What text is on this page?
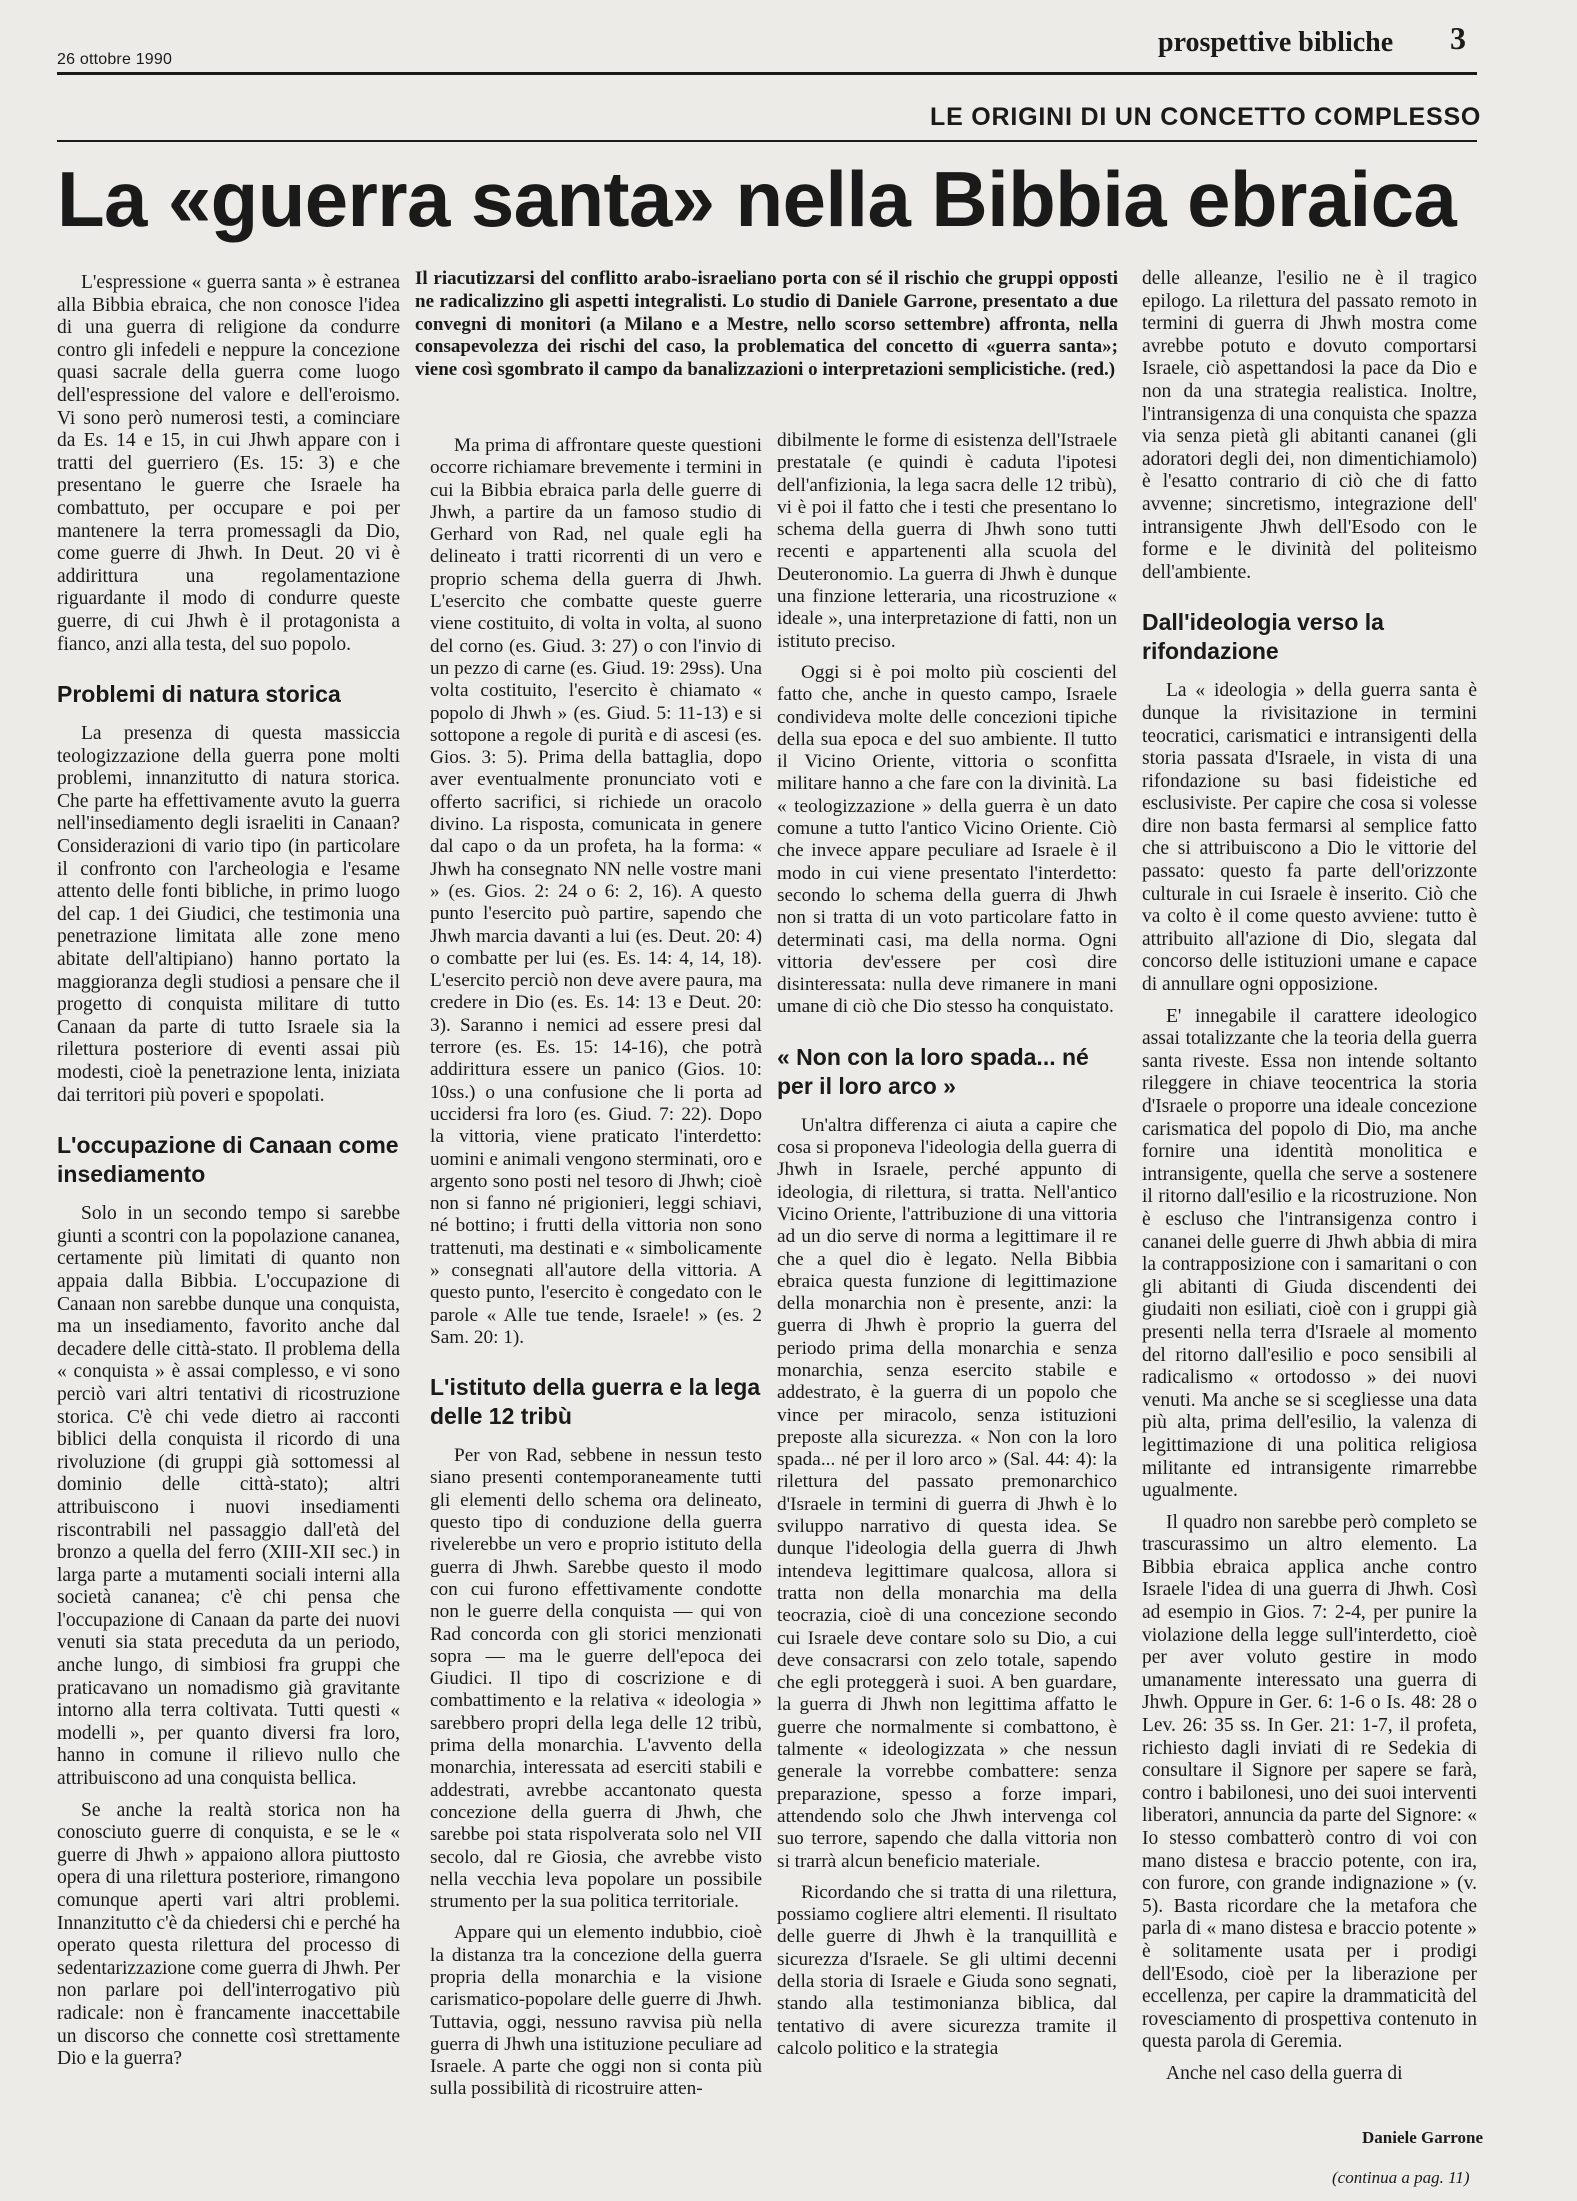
26 ottobre 1990
prospettive bibliche 3
LE ORIGINI DI UN CONCETTO COMPLESSO
La «guerra santa» nella Bibbia ebraica
Il riacutizzarsi del conflitto arabo-israeliano porta con sé il rischio che gruppi opposti ne radicalizzino gli aspetti integralisti. Lo studio di Daniele Garrone, presentato a due convegni di monitori (a Milano e a Mestre, nello scorso settembre) affronta, nella consapevolezza dei rischi del caso, la problematica del concetto di «guerra santa»; viene così sgombrato il campo da banalizzazioni o interpretazioni semplicistiche. (red.)

L'espressione « guerra santa » è estranea alla Bibbia ebraica, che non conosce l'idea di una guerra di religione da condurre contro gli infedeli e neppure la concezione quasi sacrale della guerra come luogo dell'espressione del valore e dell'eroismo. Vi sono però numerosi testi, a cominciare da Es. 14 e 15, in cui Jhwh appare con i tratti del guerriero (Es. 15: 3) e che presentano le guerre che Israele ha combattuto, per occupare e poi per mantenere la terra promessagli da Dio, come guerre di Jhwh. In Deut. 20 vi è addirittura una regolamentazione riguardante il modo di condurre queste guerre, di cui Jhwh è il protagonista a fianco, anzi alla testa, del suo popolo.

Problemi di natura storica

La presenza di questa massiccia teologizzazione della guerra pone molti problemi, innanzitutto di natura storica. Che parte ha effettivamente avuto la guerra nell'insediamento degli israeliti in Canaan? Considerazioni di vario tipo (in particolare il confronto con l'archeologia e l'esame attento delle fonti bibliche, in primo luogo del cap. 1 dei Giudici, che testimonia una penetrazione limitata alle zone meno abitate dell'altipiano) hanno portato la maggioranza degli studiosi a pensare che il progetto di conquista militare di tutto Canaan da parte di tutto Israele sia la rilettura posteriore di eventi assai più modesti, cioè la penetrazione lenta, iniziata dai territori più poveri e spopolati.

L'occupazione di Canaan come insediamento

Solo in un secondo tempo si sarebbe giunti a scontri con la popolazione cananea, certamente più limitati di quanto non appaia dalla Bibbia. L'occupazione di Canaan non sarebbe dunque una conquista, ma un insediamento, favorito anche dal decadere delle città-stato. Il problema della « conquista » è assai complesso, e vi sono perciò vari altri tentativi di ricostruzione storica. C'è chi vede dietro ai racconti biblici della conquista il ricordo di una rivoluzione (di gruppi già sottomessi al dominio delle città-stato); altri attribuiscono i nuovi insediamenti riscontrabili nel passaggio dall'età del bronzo a quella del ferro (XIII-XII sec.) in larga parte a mutamenti sociali interni alla società cananea; c'è chi pensa che l'occupazione di Canaan da parte dei nuovi venuti sia stata preceduta da un periodo, anche lungo, di simbiosi fra gruppi che praticavano un nomadismo già gravitante intorno alla terra coltivata. Tutti questi « modelli », per quanto diversi fra loro, hanno in comune il rilievo nullo che attribuiscono ad una conquista bellica.

Se anche la realtà storica non ha conosciuto guerre di conquista, e se le « guerre di Jhwh » appaiono allora piuttosto opera di una rilettura posteriore, rimangono comunque aperti vari altri problemi. Innanzitutto c'è da chiedersi chi e perché ha operato questa rilettura del processo di sedentarizzazione come guerra di Jhwh. Per non parlare poi dell'interrogativo più radicale: non è francamente inaccettabile un discorso che connette così strettamente Dio e la guerra?

Ma prima di affrontare queste questioni occorre richiamare brevemente i termini in cui la Bibbia ebraica parla delle guerre di Jhwh, a partire da un famoso studio di Gerhard von Rad, nel quale egli ha delineato i tratti ricorrenti di un vero e proprio schema della guerra di Jhwh. L'esercito che combatte queste guerre viene costituito, di volta in volta, al suono del corno (es. Giud. 3: 27) o con l'invio di un pezzo di carne (es. Giud. 19: 29ss). Una volta costituito, l'esercito è chiamato « popolo di Jhwh » (es. Giud. 5: 11-13) e si sottopone a regole di purità e di ascesi (es. Gios. 3: 5). Prima della battaglia, dopo aver eventualmente pronunciato voti e offerto sacrifici, si richiede un oracolo divino. La risposta, comunicata in genere dal capo o da un profeta, ha la forma: « Jhwh ha consegnato NN nelle vostre mani » (es. Gios. 2: 24 o 6: 2, 16). A questo punto l'esercito può partire, sapendo che Jhwh marcia davanti a lui (es. Deut. 20: 4) o combatte per lui (es. Es. 14: 4, 14, 18). L'esercito perciò non deve avere paura, ma credere in Dio (es. Es. 14: 13 e Deut. 20: 3). Saranno i nemici ad essere presi dal terrore (es. Es. 15: 14-16), che potrà addirittura essere un panico (Gios. 10: 10ss.) o una confusione che li porta ad uccidersi fra loro (es. Giud. 7: 22). Dopo la vittoria, viene praticato l'interdetto: uomini e animali vengono sterminati, oro e argento sono posti nel tesoro di Jhwh; cioè non si fanno né prigionieri, leggi schiavi, né bottino; i frutti della vittoria non sono trattenuti, ma destinati e « simbolicamente » consegnati all'autore della vittoria. A questo punto, l'esercito è congedato con le parole « Alle tue tende, Israele! » (es. 2 Sam. 20: 1).

L'istituto della guerra e la lega delle 12 tribù

Per von Rad, sebbene in nessun testo siano presenti contemporaneamente tutti gli elementi dello schema ora delineato, questo tipo di conduzione della guerra rivelerebbe un vero e proprio istituto della guerra di Jhwh. Sarebbe questo il modo con cui furono effettivamente condotte non le guerre della conquista — qui von Rad concorda con gli storici menzionati sopra — ma le guerre dell'epoca dei Giudici. Il tipo di coscrizione e di combattimento e la relativa « ideologia » sarebbero propri della lega delle 12 tribù, prima della monarchia. L'avvento della monarchia, interessata ad eserciti stabili e addestrati, avrebbe accantonato questa concezione della guerra di Jhwh, che sarebbe poi stata rispolverata solo nel VII secolo, dal re Giosia, che avrebbe visto nella vecchia leva popolare un possibile strumento per la sua politica territoriale.

Appare qui un elemento indubbio, cioè la distanza tra la concezione della guerra propria della monarchia e la visione carismatico-popolare delle guerre di Jhwh. Tuttavia, oggi, nessuno ravvisa più nella guerra di Jhwh una istituzione peculiare ad Israele. A parte che oggi non si conta più sulla possibilità di ricostruire atten-

dibilmente le forme di esistenza dell'Istraele prestatale (e quindi è caduta l'ipotesi dell'anfizionia, la lega sacra delle 12 tribù), vi è poi il fatto che i testi che presentano lo schema della guerra di Jhwh sono tutti recenti e appartenenti alla scuola del Deuteronomio. La guerra di Jhwh è dunque una finzione letteraria, una ricostruzione « ideale », una interpretazione di fatti, non un istituto preciso.

Oggi si è poi molto più coscienti del fatto che, anche in questo campo, Israele condivideva molte delle concezioni tipiche della sua epoca e del suo ambiente. Il tutto il Vicino Oriente, vittoria o sconfitta militare hanno a che fare con la divinità. La « teologizzazione » della guerra è un dato comune a tutto l'antico Vicino Oriente. Ciò che invece appare peculiare ad Israele è il modo in cui viene presentato l'interdetto: secondo lo schema della guerra di Jhwh non si tratta di un voto particolare fatto in determinati casi, ma della norma. Ogni vittoria dev'essere per così dire disinteressata: nulla deve rimanere in mani umane di ciò che Dio stesso ha conquistato.

« Non con la loro spada... né per il loro arco »

Un'altra differenza ci aiuta a capire che cosa si proponeva l'ideologia della guerra di Jhwh in Israele, perché appunto di ideologia, di rilettura, si tratta. Nell'antico Vicino Oriente, l'attribuzione di una vittoria ad un dio serve di norma a legittimare il re che a quel dio è legato. Nella Bibbia ebraica questa funzione di legittimazione della monarchia non è presente, anzi: la guerra di Jhwh è proprio la guerra del periodo prima della monarchia e senza monarchia, senza esercito stabile e addestrato, è la guerra di un popolo che vince per miracolo, senza istituzioni preposte alla sicurezza. « Non con la loro spada... né per il loro arco » (Sal. 44: 4): la rilettura del passato premonarchico d'Israele in termini di guerra di Jhwh è lo sviluppo narrativo di questa idea. Se dunque l'ideologia della guerra di Jhwh intendeva legittimare qualcosa, allora si tratta non della monarchia ma della teocrazia, cioè di una concezione secondo cui Israele deve contare solo su Dio, a cui deve consacrarsi con zelo totale, sapendo che egli proteggerà i suoi. A ben guardare, la guerra di Jhwh non legittima affatto le guerre che normalmente si combattono, è talmente « ideologizzata » che nessun generale la vorrebbe combattere: senza preparazione, spesso a forze impari, attendendo solo che Jhwh intervenga col suo terrore, sapendo che dalla vittoria non si trarrà alcun beneficio materiale.

Ricordando che si tratta di una rilettura, possiamo cogliere altri elementi. Il risultato delle guerre di Jhwh è la tranquillità e sicurezza d'Israele. Se gli ultimi decenni della storia di Israele e Giuda sono segnati, stando alla testimonianza biblica, dal tentativo di avere sicurezza tramite il calcolo politico e la strategia

delle alleanze, l'esilio ne è il tragico epilogo. La rilettura del passato remoto in termini di guerra di Jhwh mostra come avrebbe potuto e dovuto comportarsi Israele, ciò aspettandosi la pace da Dio e non da una strategia realistica. Inoltre, l'intransigenza di una conquista che spazza via senza pietà gli abitanti cananei (gli adoratori degli dei, non dimentichiamolo) è l'esatto contrario di ciò che di fatto avvenne; sincretismo, integrazione dell' intransigente Jhwh dell'Esodo con le forme e le divinità del politeismo dell'ambiente.

Dall'ideologia verso la rifondazione

La « ideologia » della guerra santa è dunque la rivisitazione in termini teocratici, carismatici e intransigenti della storia passata d'Israele, in vista di una rifondazione su basi fideistiche ed esclusiviste. Per capire che cosa si volesse dire non basta fermarsi al semplice fatto che si attribuiscono a Dio le vittorie del passato: questo fa parte dell'orizzonte culturale in cui Israele è inserito. Ciò che va colto è il come questo avviene: tutto è attribuito all'azione di Dio, slegata dal concorso delle istituzioni umane e capace di annullare ogni opposizione.

E' innegabile il carattere ideologico assai totalizzante che la teoria della guerra santa riveste. Essa non intende soltanto rileggere in chiave teocentrica la storia d'Israele o proporre una ideale concezione carismatica del popolo di Dio, ma anche fornire una identità monolitica e intransigente, quella che serve a sostenere il ritorno dall'esilio e la ricostruzione. Non è escluso che l'intransigenza contro i cananei delle guerre di Jhwh abbia di mira la contrapposizione con i samaritani o con gli abitanti di Giuda discendenti dei giudaiti non esiliati, cioè con i gruppi già presenti nella terra d'Israele al momento del ritorno dall'esilio e poco sensibili al radicalismo « ortodosso » dei nuovi venuti. Ma anche se si scegliesse una data più alta, prima dell'esilio, la valenza di legittimazione di una politica religiosa militante ed intransigente rimarrebbe ugualmente.

Il quadro non sarebbe però completo se trascurassimo un altro elemento. La Bibbia ebraica applica anche contro Israele l'idea di una guerra di Jhwh. Così ad esempio in Gios. 7: 2-4, per punire la violazione della legge sull'interdetto, cioè per aver voluto gestire in modo umanamente interessato una guerra di Jhwh. Oppure in Ger. 6: 1-6 o Is. 48: 28 o Lev. 26: 35 ss. In Ger. 21: 1-7, il profeta, richiesto dagli inviati di re Sedekia di consultare il Signore per sapere se farà, contro i babilonesi, uno dei suoi interventi liberatori, annuncia da parte del Signore: « Io stesso combatterò contro di voi con mano distesa e braccio potente, con ira, con furore, con grande indignazione » (v. 5). Basta ricordare che la metafora che parla di « mano distesa e braccio potente » è solitamente usata per i prodigi dell'Esodo, cioè per la liberazione per eccellenza, per capire la drammaticità del rovesciamento di prospettiva contenuto in questa parola di Geremia.

Anche nel caso della guerra di

Daniele Garrone
(continua a pag. 11)
